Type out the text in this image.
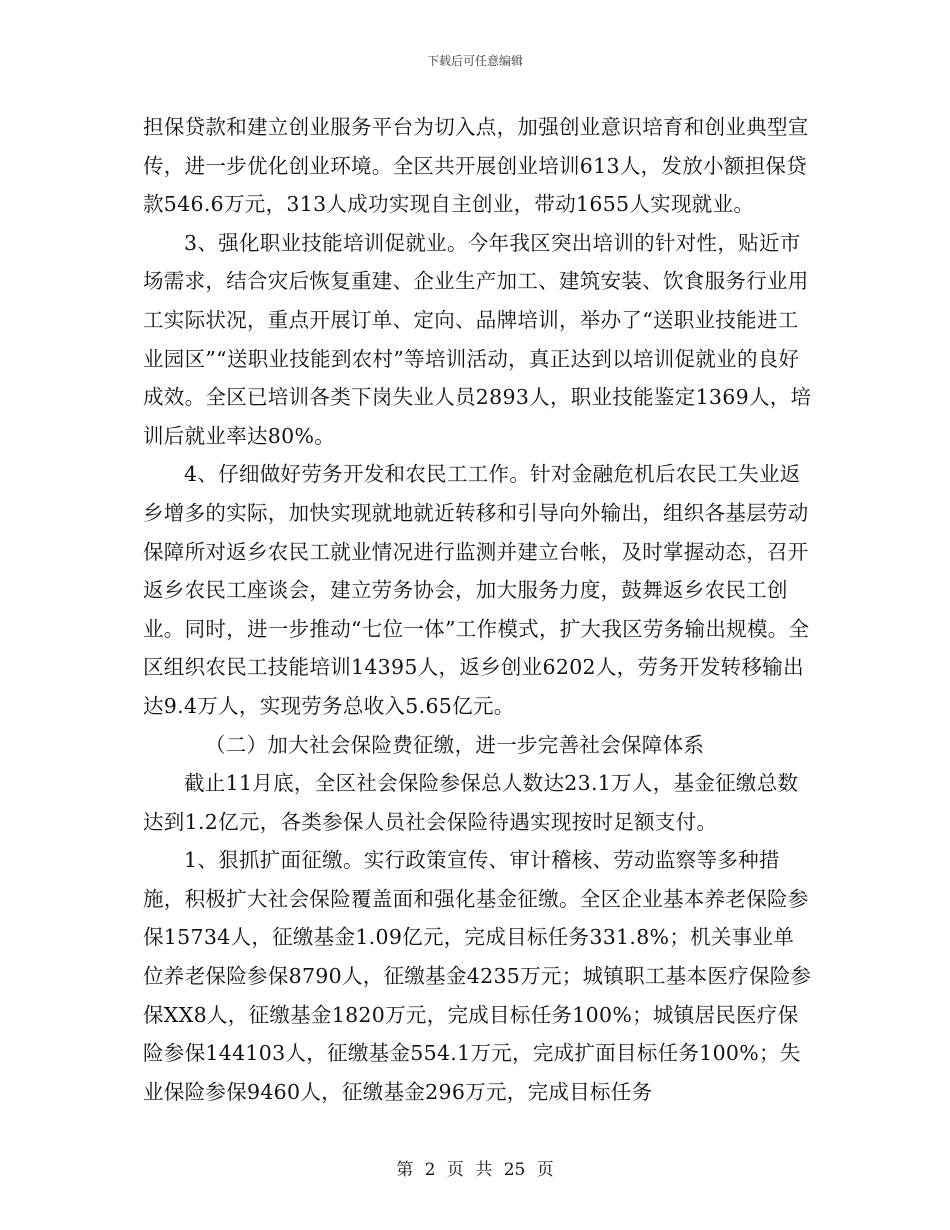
下载后可任意编辑

担保贷款和建立创业服务平台为切入点，加强创业意识培育和创业典型宣传，进一步优化创业环境。全区共开展创业培训613人，发放小额担保贷款546.6万元，313人成功实现自主创业，带动1655人实现就业。

3、强化职业技能培训促就业。今年我区突出培训的针对性，贴近市场需求，结合灾后恢复重建、企业生产加工、建筑安装、饮食服务行业用工实际状况，重点开展订单、定向、品牌培训，举办了“送职业技能进工业园区”“送职业技能到农村”等培训活动，真正达到以培训促就业的良好成效。全区已培训各类下岗失业人员2893人，职业技能鉴定1369人，培训后就业率达80%。

4、仔细做好劳务开发和农民工工作。针对金融危机后农民工失业返乡增多的实际，加快实现就地就近转移和引导向外输出，组织各基层劳动保障所对返乡农民工就业情况进行监测并建立台帐，及时掌握动态，召开返乡农民工座谈会，建立劳务协会，加大服务力度，鼓舞返乡农民工创业。同时，进一步推动“七位一体”工作模式，扩大我区劳务输出规模。全区组织农民工技能培训14395人，返乡创业6202人，劳务开发转移输出达9.4万人，实现劳务总收入5.65亿元。

（二）加大社会保险费征缴，进一步完善社会保障体系

截止11月底，全区社会保险参保总人数达23.1万人，基金征缴总数达到1.2亿元，各类参保人员社会保险待遇实现按时足额支付。

1、狠抓扩面征缴。实行政策宣传、审计稽核、劳动监察等多种措施，积极扩大社会保险覆盖面和强化基金征缴。全区企业基本养老保险参保15734人，征缴基金1.09亿元，完成目标任务331.8%；机关事业单位养老保险参保8790人，征缴基金4235万元；城镇职工基本医疗保险参保XX8人，征缴基金1820万元，完成目标任务100%；城镇居民医疗保险参保144103人，征缴基金554.1万元，完成扩面目标任务100%；失业保险参保9460人，征缴基金296万元，完成目标任务

第 2 页 共 25 页
